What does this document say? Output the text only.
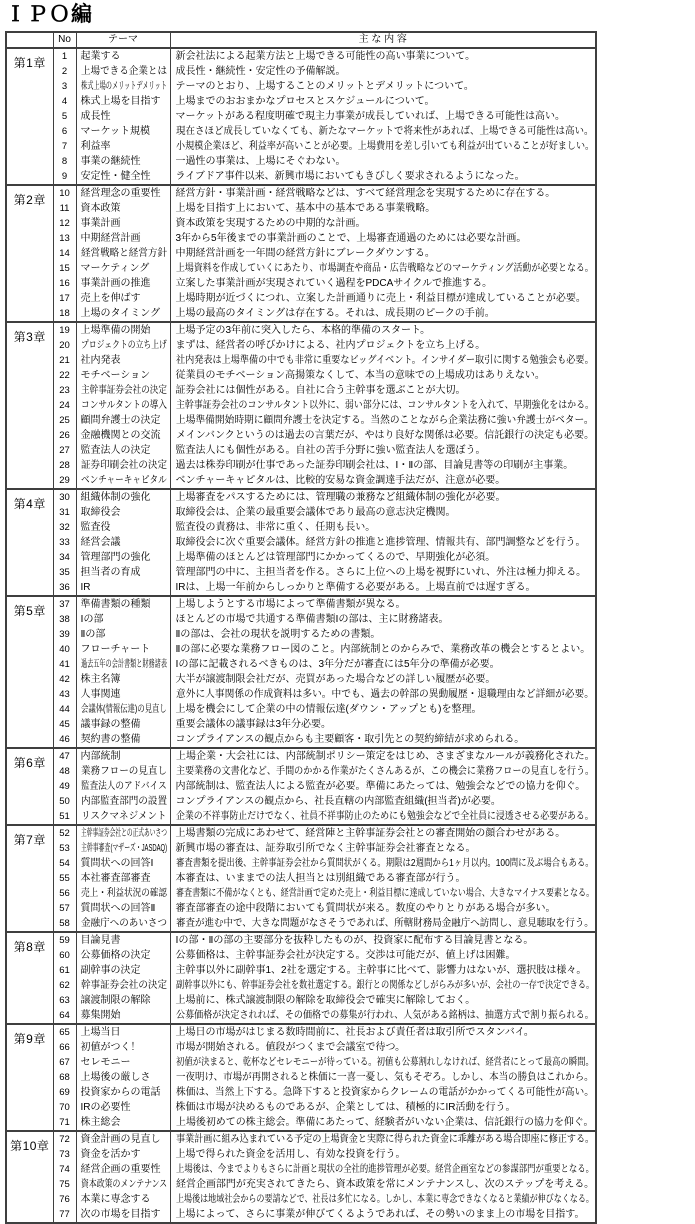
ＩＰＯ編
	No	テーマ	主 な 内 容
第1章	1	起業する	新会社法による起業方法と上場できる可能性の高い事業について。
	2	上場できる企業とは	成長性・継続性・安定性の予備解説。
	3	株式上場のメリットデメリット	テーマのとおり、上場することのメリットとデメリットについて。
	4	株式上場を目指す	上場までのおおまかなプロセスとスケジュールについて。
	5	成長性	マーケットがある程度明確で現主力事業が成長していれば、上場できる可能性は高い。
	6	マーケット規模	現在さほど成長していなくても、新たなマーケットで将来性があれば、上場できる可能性は高い。
	7	利益率	小規模企業ほど、利益率が高いことが必要。上場費用を差し引いても利益が出ていることが好ましい。
	8	事業の継続性	一過性の事業は、上場にそぐわない。
	9	安定性・健全性	ライブドア事件以来、新興市場においてもきびしく要求されるようになった。
第2章	10	経営理念の重要性	経営方針・事業計画・経営戦略などは、すべて経営理念を実現するために存在する。
	11	資本政策	上場を目指す上において、基本中の基本である事業戦略。
	12	事業計画	資本政策を実現するための中期的な計画。
	13	中期経営計画	3年から5年後までの事業計画のことで、上場審査通過のためには必要な計画。
	14	経営戦略と経営方針	中期経営計画を一年間の経営方針にブレークダウンする。
	15	マーケティング	上場資料を作成していくにあたり、市場調査や商品・広告戦略などのマーケティング活動が必要となる。
	16	事業計画の推進	立案した事業計画が実現されていく過程をPDCAサイクルで推進する。
	17	売上を伸ばす	上場時期が近づくにつれ、立案した計画通りに売上・利益目標が達成していることが必要。
	18	上場のタイミング	上場の最高のタイミングは存在する。それは、成長期のピークの手前。
第3章	19	上場準備の開始	上場予定の3年前に突入したら、本格的準備のスタート。
	20	プロジェクトの立ち上げ	まずは、経営者の呼びかけによる、社内プロジェクトを立ち上げる。
	21	社内発表	社内発表は上場準備の中でも非常に重要なビッグイベント。インサイダー取引に関する勉強会も必要。
	22	モチベーション	従業員のモチベーション高揚策なくして、本当の意味での上場成功はありえない。
	23	主幹事証券会社の決定	証券会社には個性がある。自社に合う主幹事を選ぶことが大切。
	24	コンサルタントの導入	主幹事証券会社のコンサルタント以外に、弱い部分には、コンサルタントを入れて、早期強化をはかる。
	25	顧問弁護士の決定	上場準備開始時期に顧問弁護士を決定する。当然のことながら企業法務に強い弁護士がベター。
	26	金融機関との交流	メインバンクというのは過去の言葉だが、やはり良好な関係は必要。信託銀行の決定も必要。
	27	監査法人の決定	監査法人にも個性がある。自社の苦手分野に強い監査法人を選ぼう。
	28	証券印刷会社の決定	過去は株券印刷が仕事であった証券印刷会社は、Ⅰ・Ⅱの部、目論見書等の印刷が主事業。
	29	ベンチャーキャピタル	ベンチャーキャピタルは、比較的安易な資金調達手法だが、注意が必要。
第4章	30	組織体制の強化	上場審査をパスするためには、管理職の兼務など組織体制の強化が必要。
	31	取締役会	取締役会は、企業の最重要会議体であり最高の意志決定機関。
	32	監査役	監査役の責務は、非常に重く、任期も長い。
	33	経営会議	取締役会に次ぐ重要会議体。経営方針の推進と進捗管理、情報共有、部門調整などを行う。
	34	管理部門の強化	上場準備のほとんどは管理部門にかかってくるので、早期強化が必須。
	35	担当者の育成	管理部門の中に、主担当者を作る。さらに上位への上場を視野にいれ、外注は極力抑える。
	36	IR	IRは、上場一年前からしっかりと準備する必要がある。上場直前では遅すぎる。
第5章	37	準備書類の種類	上場しようとする市場によって準備書類が異なる。
	38	Ⅰの部	ほとんどの市場で共通する準備書類Ⅰの部は、主に財務諸表。
	39	Ⅱの部	Ⅱの部は、会社の現状を説明するための書類。
	40	フローチャート	Ⅱの部に必要な業務フロー図のこと。内部統制とのからみで、業務改革の機会とするとよい。
	41	過去五年の会計書類と財務諸表	Ⅰの部に記載されるべきものは、3年分だが審査には5年分の準備が必要。
	42	株主名簿	大半が譲渡制限会社だが、売買があった場合などの詳しい履歴が必要。
	43	人事関連	意外に人事関係の作成資料は多い。中でも、過去の幹部の異動履歴・退職理由など詳細が必要。
	44	会議体(情報伝達)の見直し	上場を機会にして企業の中の情報伝達(ダウン・アップとも)を整理。
	45	議事録の整備	重要会議体の議事録は3年分必要。
	46	契約書の整備	コンプライアンスの観点からも主要顧客・取引先との契約締結が求められる。
第6章	47	内部統制	上場企業・大会社には、内部統制ポリシー策定をはじめ、さまざまなルールが義務化された。
	48	業務フローの見直し	主要業務の文書化など、手間のかかる作業がたくさんあるが、この機会に業務フローの見直しを行う。
	49	監査法人のアドバイス	内部統制は、監査法人による監査が必要。準備にあたっては、勉強会などでの協力を仰ぐ。
	50	内部監査部門の設置	コンプライアンスの観点から、社長直轄の内部監査組織(担当者)が必要。
	51	リスクマネジメント	企業の不祥事防止だけでなく、社員不祥事防止のためにも勉強会などで全社員に浸透させる必要がある。
第7章	52	主幹事証券会社との正式あいさつ	上場書類の完成にあわせて、経営陣と主幹事証券会社との審査開始の顔合わせがある。
	53	主幹事審査(マザーズ・JASDAQ)	新興市場の審査は、証券取引所でなく主幹事証券会社審査となる。
	54	質問状への回答Ⅰ	審査書類を提出後、主幹事証券会社から質問状がくる。期限は2週間から1ヶ月以内。100問に及ぶ場合もある。
	55	本社審査部審査	本審査は、いままでの法人担当とは別組織である審査部が行う。
	56	売上・利益状況の確認	審査書類に不備がなくとも、経営計画で定めた売上・利益目標に達成していない場合、大きなマイナス要素となる。
	57	質問状への回答Ⅱ	審査部審査の途中段階においても質問状が来る。数度のやりとりがある場合が多い。
	58	金融庁へのあいさつ	審査が進む中で、大きな問題がなさそうであれば、所轄財務局金融庁へ訪問し、意見聴取を行う。
第8章	59	目論見書	Ⅰの部・Ⅱの部の主要部分を抜粋したものが、投資家に配布する目論見書となる。
	60	公募価格の決定	公募価格は、主幹事証券会社が決定する。交渉は可能だが、値上げは困難。
	61	副幹事の決定	主幹事以外に副幹事1、2社を選定する。主幹事に比べて、影響力はないが、選択肢は様々。
	62	幹事証券会社の決定	副幹事以外にも、幹事証券会社を数社選定する。銀行との関係などしがらみが多いが、会社の一存で決定できる。
	63	譲渡制限の解除	上場前に、株式譲渡制限の解除を取締役会で確実に解除しておく。
	64	募集開始	公募価格が決定されれば、その価格での募集が行われ、人気がある銘柄は、抽選方式で割り振られる。
第9章	65	上場当日	上場日の市場がはじまる数時間前に、社長および責任者は取引所でスタンバイ。
	66	初値がつく！	市場が開始される。値段がつくまで会議室で待つ。
	67	セレモニー	初値が決まると、乾杯などセレモニーが待っている。初値も公募割れしなければ、経営者にとって最高の瞬間。
	68	上場後の厳しさ	一夜明け、市場が再開されると株価に一喜一憂し、気もそぞろ。しかし、本当の勝負はこれから。
	69	投資家からの電話	株価は、当然上下する。急降下すると投資家からクレームの電話がかかってくる可能性が高い。
	70	IRの必要性	株価は市場が決めるものであるが、企業としては、積極的にIR活動を行う。
	71	株主総会	上場後初めての株主総会。準備にあたって、経験者がいない企業は、信託銀行の協力を仰ぐ。
第10章	72	資金計画の見直し	事業計画に組み込まれている予定の上場資金と実際に得られた資金に乖離がある場合即座に修正する。
	73	資金を活かす	上場で得られた資金を活用し、有効な投資を行う。
	74	経営企画の重要性	上場後は、今までよりもさらに計画と現状の全社的進捗管理が必要。経営企画室などの参謀部門が重要となる。
	75	資本政策のメンテナンス	経営企画部門が充実されてきたら、資本政策を常にメンテナンスし、次のステップを考える。
	76	本業に専念する	上場後は地域社会からの要請などで、社長は多忙になる。しかし、本業に専念できなくなると業績が伸びなくなる。
	77	次の市場を目指す	上場によって、さらに事業が伸びてくるようであれば、その勢いのまま上の市場を目指す。
